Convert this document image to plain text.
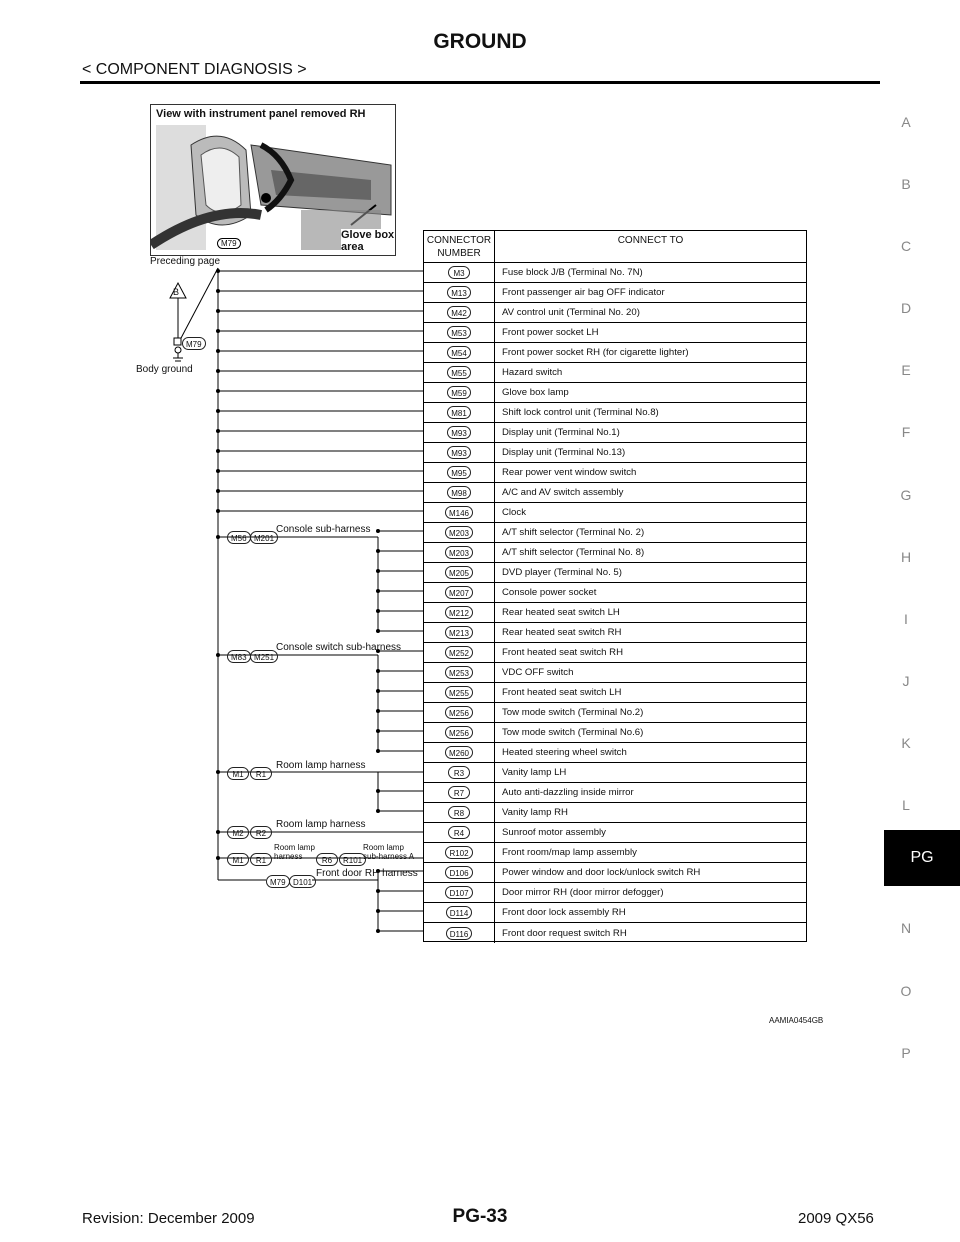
GROUND
< COMPONENT DIAGNOSIS >
A
B
C
D
E
F
G
H
I
J
K
L
N
O
P
PG
View with instrument panel removed RH
M79
Glove box area
Preceding page
B
M79
Body ground
M56 M201
Console sub-harness
M83 M251
Console switch sub-harness
M1	R1
Room lamp harness
M2	R2
Room lamp harness
M1	R1
Room lamp harness	R6	R101
Room lamp sub-harness A
M79 D101
Front door RH harness
CONNECTOR NUMBER
CONNECT TO
M3	Fuse block J/B (Terminal No. 7N)
M13	Front passenger air bag OFF indicator
M42	AV control unit (Terminal No. 20)
M53	Front power socket LH
M54	Front power socket RH (for cigarette lighter)
M55	Hazard switch
M59	Glove box lamp
M81	Shift lock control unit (Terminal No.8)
M93	Display unit (Terminal No.1)
M93	Display unit (Terminal No.13)
M95	Rear power vent window switch
M98	A/C and AV switch assembly
M146	Clock
M203	A/T shift selector (Terminal No. 2)
M203	A/T shift selector (Terminal No. 8)
M205	DVD player (Terminal No. 5)
M207	Console power socket
M212	Rear heated seat switch LH
M213	Rear heated seat switch RH
M252	Front heated seat switch RH
M253	VDC OFF switch
M255	Front heated seat switch LH
M256	Tow mode switch (Terminal No.2)
M256	Tow mode switch (Terminal No.6)
M260	Heated steering wheel switch
R3	Vanity lamp LH
R7	Auto anti-dazzling inside mirror
R8	Vanity lamp RH
R4	Sunroof motor assembly
R102	Front room/map lamp assembly
D106	Power window and door lock/unlock switch RH
D107	Door mirror RH (door mirror defogger)
D114	Front door lock assembly RH
D116	Front door request switch RH
AAMIA0454GB
Revision: December 2009	PG-33	2009 QX56
